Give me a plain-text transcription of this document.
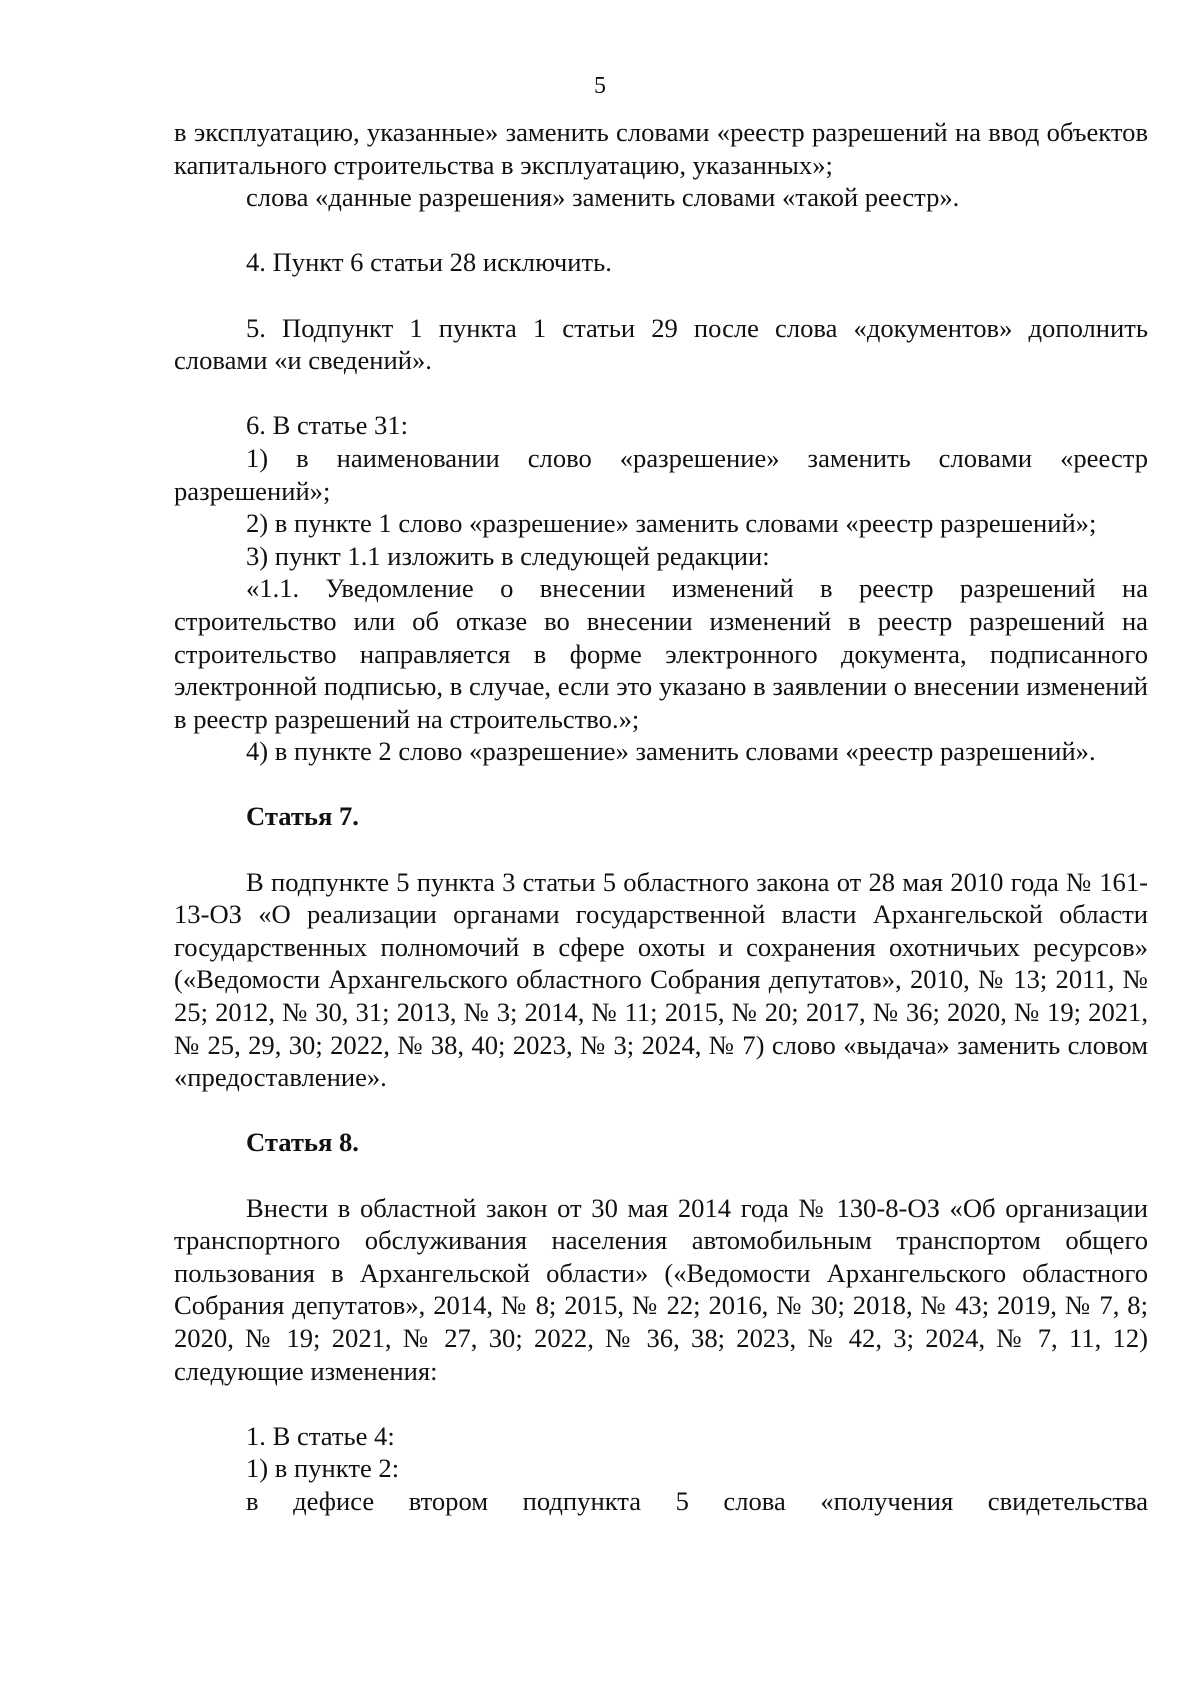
5

в эксплуатацию, указанные» заменить словами «реестр разрешений на ввод объектов капитального строительства в эксплуатацию, указанных»;

слова «данные разрешения» заменить словами «такой реестр».

4. Пункт 6 статьи 28 исключить.

5. Подпункт 1 пункта 1 статьи 29 после слова «документов» дополнить словами «и сведений».

6. В статье 31:

1) в наименовании слово «разрешение» заменить словами «реестр разрешений»;

2) в пункте 1 слово «разрешение» заменить словами «реестр разрешений»;

3) пункт 1.1 изложить в следующей редакции:

«1.1. Уведомление о внесении изменений в реестр разрешений на строительство или об отказе во внесении изменений в реестр разрешений на строительство направляется в форме электронного документа, подписанного электронной подписью, в случае, если это указано в заявлении о внесении изменений в реестр разрешений на строительство.»;

4) в пункте 2 слово «разрешение» заменить словами «реестр разрешений».

Статья 7.

В подпункте 5 пункта 3 статьи 5 областного закона от 28 мая 2010 года № 161-13-ОЗ «О реализации органами государственной власти Архангельской области государственных полномочий в сфере охоты и сохранения охотничьих ресурсов» («Ведомости Архангельского областного Собрания депутатов», 2010, № 13; 2011, № 25; 2012, № 30, 31; 2013, № 3; 2014, № 11; 2015, № 20; 2017, № 36; 2020, № 19; 2021, № 25, 29, 30; 2022, № 38, 40; 2023, № 3; 2024, № 7) слово «выдача» заменить словом «предоставление».

Статья 8.

Внести в областной закон от 30 мая 2014 года № 130-8-ОЗ «Об организации транспортного обслуживания населения автомобильным транспортом общего пользования в Архангельской области» («Ведомости Архангельского областного Собрания депутатов», 2014, № 8; 2015, № 22; 2016, № 30; 2018, № 43; 2019, № 7, 8; 2020, № 19; 2021, № 27, 30; 2022, № 36, 38; 2023, № 42, 3; 2024, № 7, 11, 12) следующие изменения:

1. В статье 4:

1) в пункте 2:

в дефисе втором подпункта 5 слова «получения свидетельства
